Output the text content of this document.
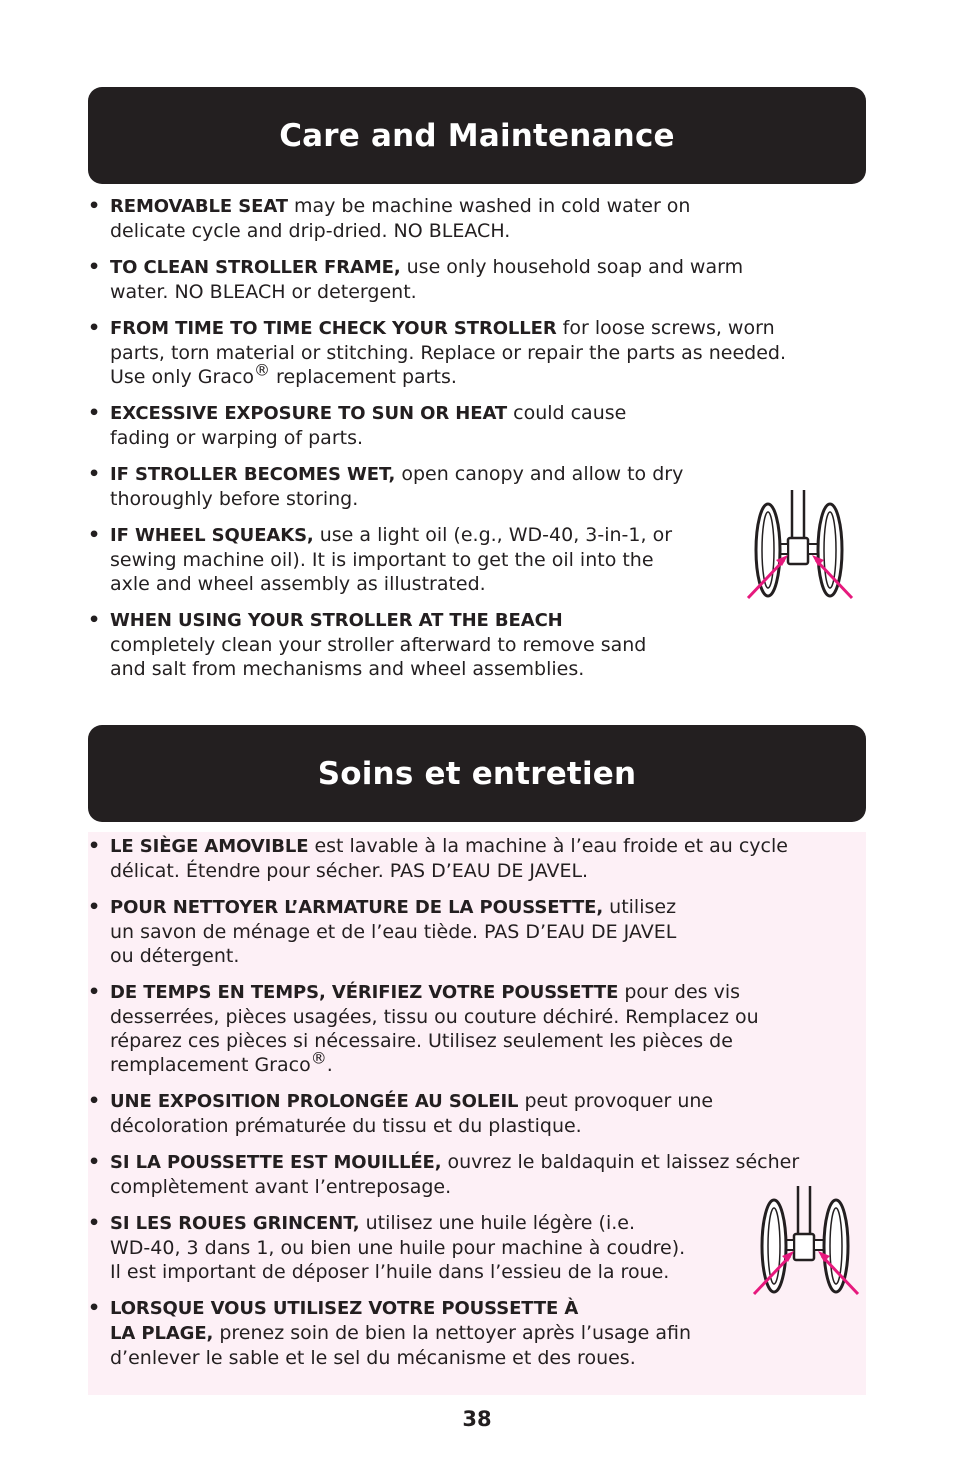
Care and Maintenance
• REMOVABLE SEAT may be machine washed in cold water on
delicate cycle and drip-dried. NO BLEACH.
• TO CLEAN STROLLER FRAME, use only household soap and warm
water. NO BLEACH or detergent.
• FROM TIME TO TIME CHECK YOUR STROLLER for loose screws, worn
parts, torn material or stitching. Replace or repair the parts as needed.
Use only Graco® replacement parts.
• EXCESSIVE EXPOSURE TO SUN OR HEAT could cause
fading or warping of parts.
• IF STROLLER BECOMES WET, open canopy and allow to dry
thoroughly before storing.
• IF WHEEL SQUEAKS, use a light oil (e.g., WD-40, 3-in-1, or
sewing machine oil). It is important to get the oil into the
axle and wheel assembly as illustrated.
• WHEN USING YOUR STROLLER AT THE BEACH
completely clean your stroller afterward to remove sand
and salt from mechanisms and wheel assemblies.
Soins et entretien
• LE SIÈGE AMOVIBLE est lavable à la machine à l’eau froide et au cycle
délicat. Étendre pour sécher. PAS D’EAU DE JAVEL.
• POUR NETTOYER L’ARMATURE DE LA POUSSETTE, utilisez
un savon de ménage et de l’eau tiède. PAS D’EAU DE JAVEL
ou détergent.
• DE TEMPS EN TEMPS, VÉRIFIEZ VOTRE POUSSETTE pour des vis
desserrées, pièces usagées, tissu ou couture déchiré. Remplacez ou
réparez ces pièces si nécessaire. Utilisez seulement les pièces de
remplacement Graco®.
• UNE EXPOSITION PROLONGÉE AU SOLEIL peut provoquer une
décoloration prématurée du tissu et du plastique.
• SI LA POUSSETTE EST MOUILLÉE, ouvrez le baldaquin et laissez sécher
complètement avant l’entreposage.
• SI LES ROUES GRINCENT, utilisez une huile légère (i.e.
WD-40, 3 dans 1, ou bien une huile pour machine à coudre).
Il est important de déposer l’huile dans l’essieu de la roue.
• LORSQUE VOUS UTILISEZ VOTRE POUSSETTE À
LA PLAGE, prenez soin de bien la nettoyer après l’usage afin
d’enlever le sable et le sel du mécanisme et des roues.
38
